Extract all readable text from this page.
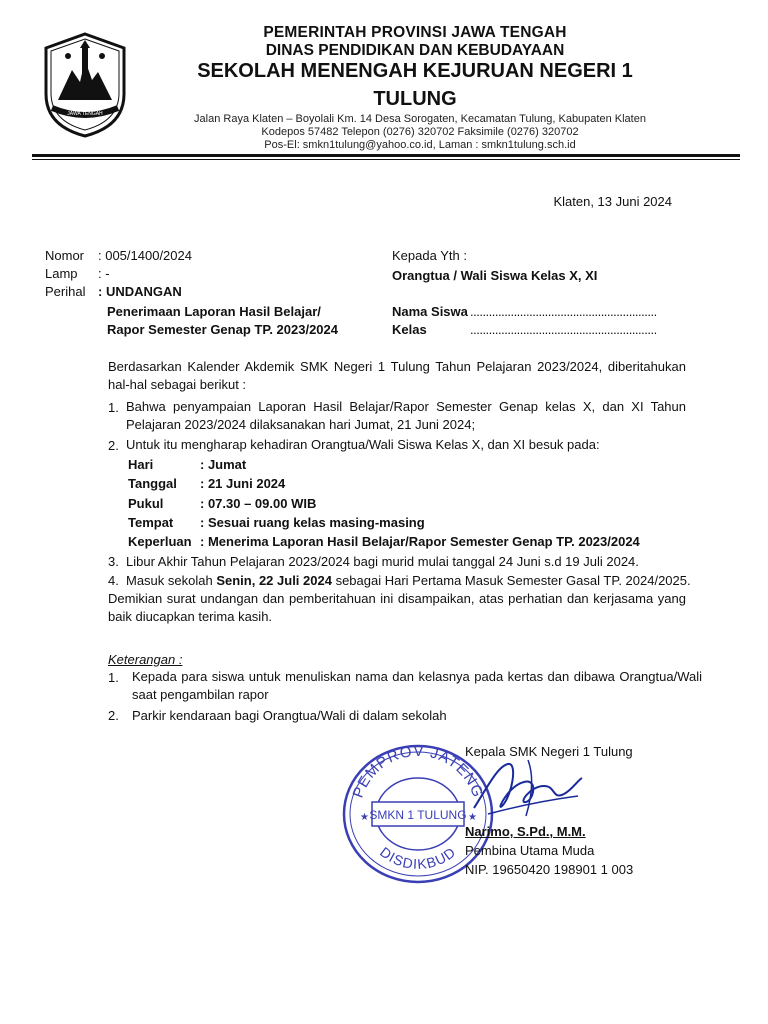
JAWA TENGAH
PEMERINTAH PROVINSI JAWA TENGAH
DINAS PENDIDIKAN DAN KEBUDAYAAN
SEKOLAH MENENGAH KEJURUAN NEGERI 1
TULUNG
Jalan Raya Klaten – Boyolali Km. 14 Desa Sorogaten, Kecamatan Tulung, Kabupaten Klaten
Kodepos 57482 Telepon (0276) 320702 Faksimile (0276) 320702
Pos-El: smkn1tulung@yahoo.co.id, Laman : smkn1tulung.sch.id
Klaten, 13 Juni 2024
Nomor : 005/1400/2024
Lamp : -
Perihal : UNDANGAN
Penerimaan Laporan Hasil Belajar/
Rapor Semester Genap TP. 2023/2024
Kepada Yth :
Orangtua / Wali Siswa Kelas X, XI
Nama Siswa ............................................................
Kelas	............................................................
Berdasarkan Kalender Akdemik SMK Negeri 1 Tulung Tahun Pelajaran 2023/2024, diberitahukan hal-hal sebagai berikut :
1. Bahwa penyampaian Laporan Hasil Belajar/Rapor Semester Genap kelas X, dan XI Tahun Pelajaran 2023/2024 dilaksanakan hari Jumat, 21 Juni 2024;
2. Untuk itu mengharap kehadiran Orangtua/Wali Siswa Kelas X, dan XI besuk pada:
Hari	: Jumat
Tanggal : 21 Juni 2024
Pukul	: 07.30 – 09.00 WIB
Tempat : Sesuai ruang kelas masing-masing
Keperluan : Menerima Laporan Hasil Belajar/Rapor Semester Genap TP. 2023/2024
3. Libur Akhir Tahun Pelajaran 2023/2024 bagi murid mulai tanggal 24 Juni s.d 19 Juli 2024.
4. Masuk sekolah Senin, 22 Juli 2024 sebagai Hari Pertama Masuk Semester Gasal TP. 2024/2025.
Demikian surat undangan dan pemberitahuan ini disampaikan, atas perhatian dan kerjasama yang baik diucapkan terima kasih.
Keterangan :
1. Kepada para siswa untuk menuliskan nama dan kelasnya pada kertas dan dibawa Orangtua/Wali saat pengambilan rapor
2. Parkir kendaraan bagi Orangtua/Wali di dalam sekolah
Kepala SMK Negeri 1 Tulung
PEMPROV JATENG
SMKN 1 TULUNG
DISDIKBUD
★	★
Narimo, S.Pd., M.M.
Pembina Utama Muda
NIP. 19650420 198901 1 003
